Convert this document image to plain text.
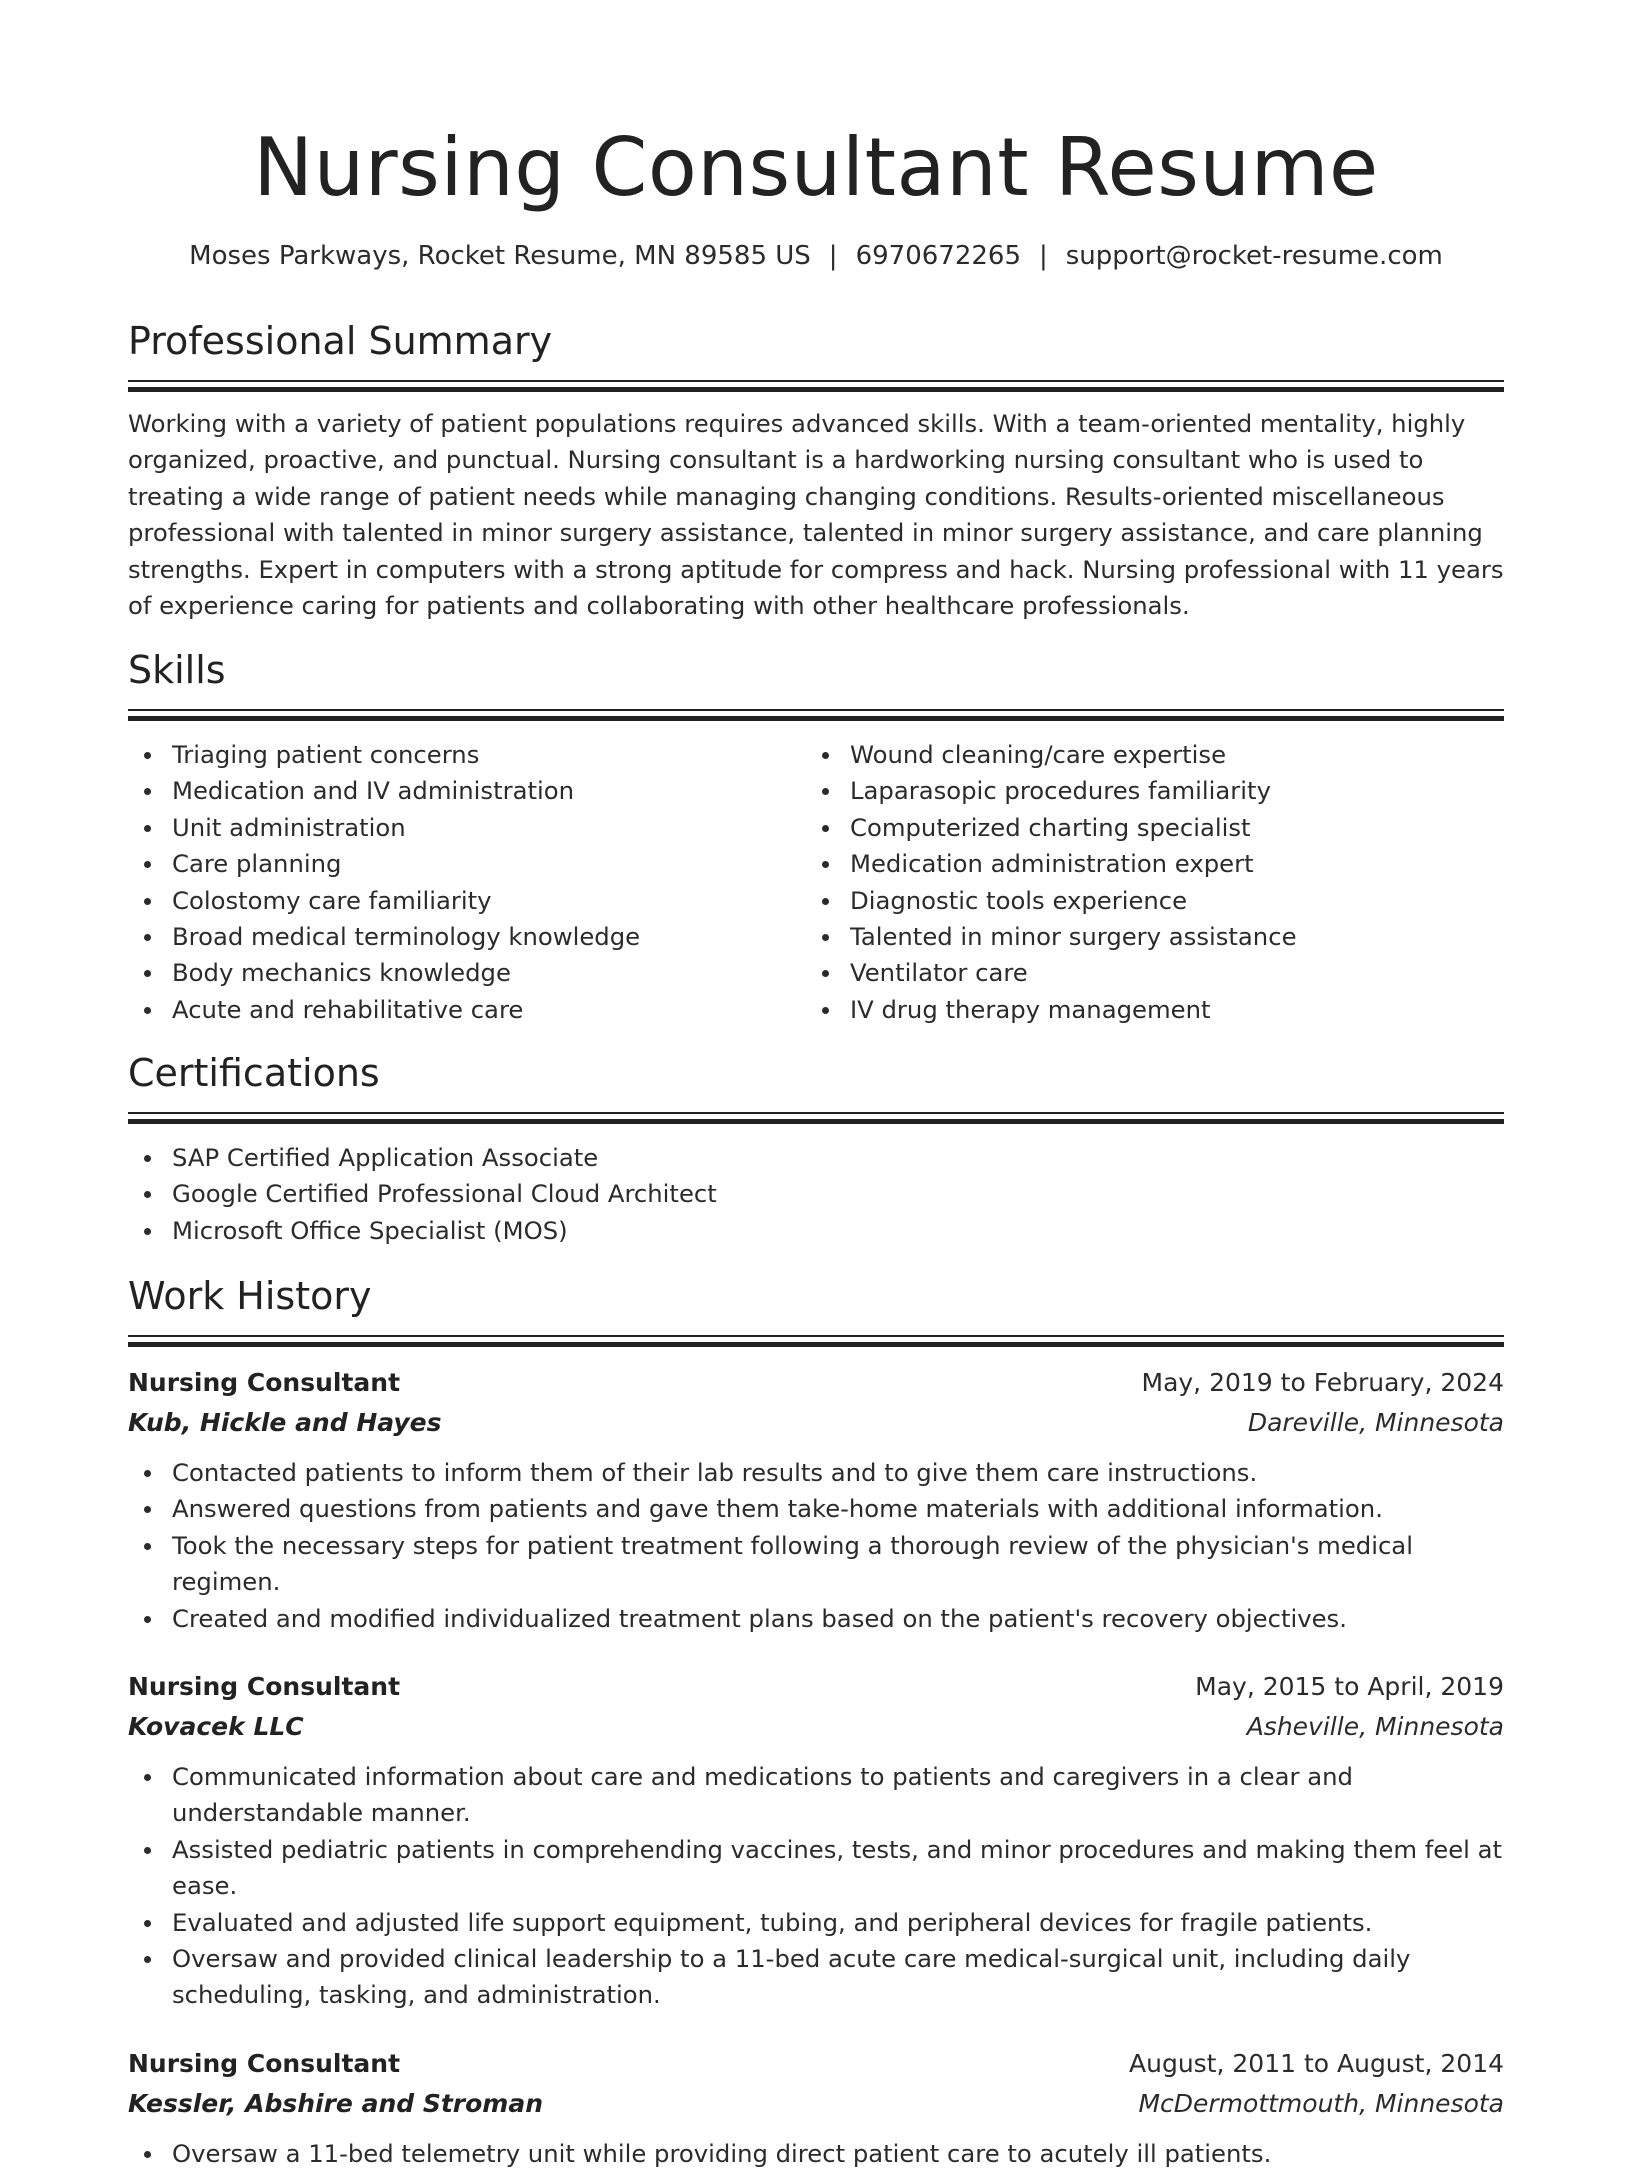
Nursing Consultant Resume
Moses Parkways, Rocket Resume, MN 89585 US | 6970672265 | support@rocket-resume.com
Professional Summary

Working with a variety of patient populations requires advanced skills. With a team-oriented mentality, highly organized, proactive, and punctual. Nursing consultant is a hardworking nursing consultant who is used to treating a wide range of patient needs while managing changing conditions. Results-oriented miscellaneous professional with talented in minor surgery assistance, talented in minor surgery assistance, and care planning strengths. Expert in computers with a strong aptitude for compress and hack. Nursing professional with 11 years of experience caring for patients and collaborating with other healthcare professionals.

Skills
Triaging patient concerns
Medication and IV administration
Unit administration
Care planning
Colostomy care familiarity
Broad medical terminology knowledge
Body mechanics knowledge
Acute and rehabilitative care
Wound cleaning/care expertise
Laparasopic procedures familiarity
Computerized charting specialist
Medication administration expert
Diagnostic tools experience
Talented in minor surgery assistance
Ventilator care
IV drug therapy management
Certifications
SAP Certified Application Associate
Google Certified Professional Cloud Architect
Microsoft Office Specialist (MOS)
Work History
Nursing Consultant	May, 2019 to February, 2024
Kub, Hickle and Hayes	Dareville, Minnesota
Contacted patients to inform them of their lab results and to give them care instructions.
Answered questions from patients and gave them take-home materials with additional information.
Took the necessary steps for patient treatment following a thorough review of the physician's medical regimen.
Created and modified individualized treatment plans based on the patient's recovery objectives.
Nursing Consultant	May, 2015 to April, 2019
Kovacek LLC	Asheville, Minnesota
Communicated information about care and medications to patients and caregivers in a clear and understandable manner.
Assisted pediatric patients in comprehending vaccines, tests, and minor procedures and making them feel at ease.
Evaluated and adjusted life support equipment, tubing, and peripheral devices for fragile patients.
Oversaw and provided clinical leadership to a 11-bed acute care medical-surgical unit, including daily scheduling, tasking, and administration.
Nursing Consultant	August, 2011 to August, 2014
Kessler, Abshire and Stroman	McDermottmouth, Minnesota
Oversaw a 11-bed telemetry unit while providing direct patient care to acutely ill patients.
